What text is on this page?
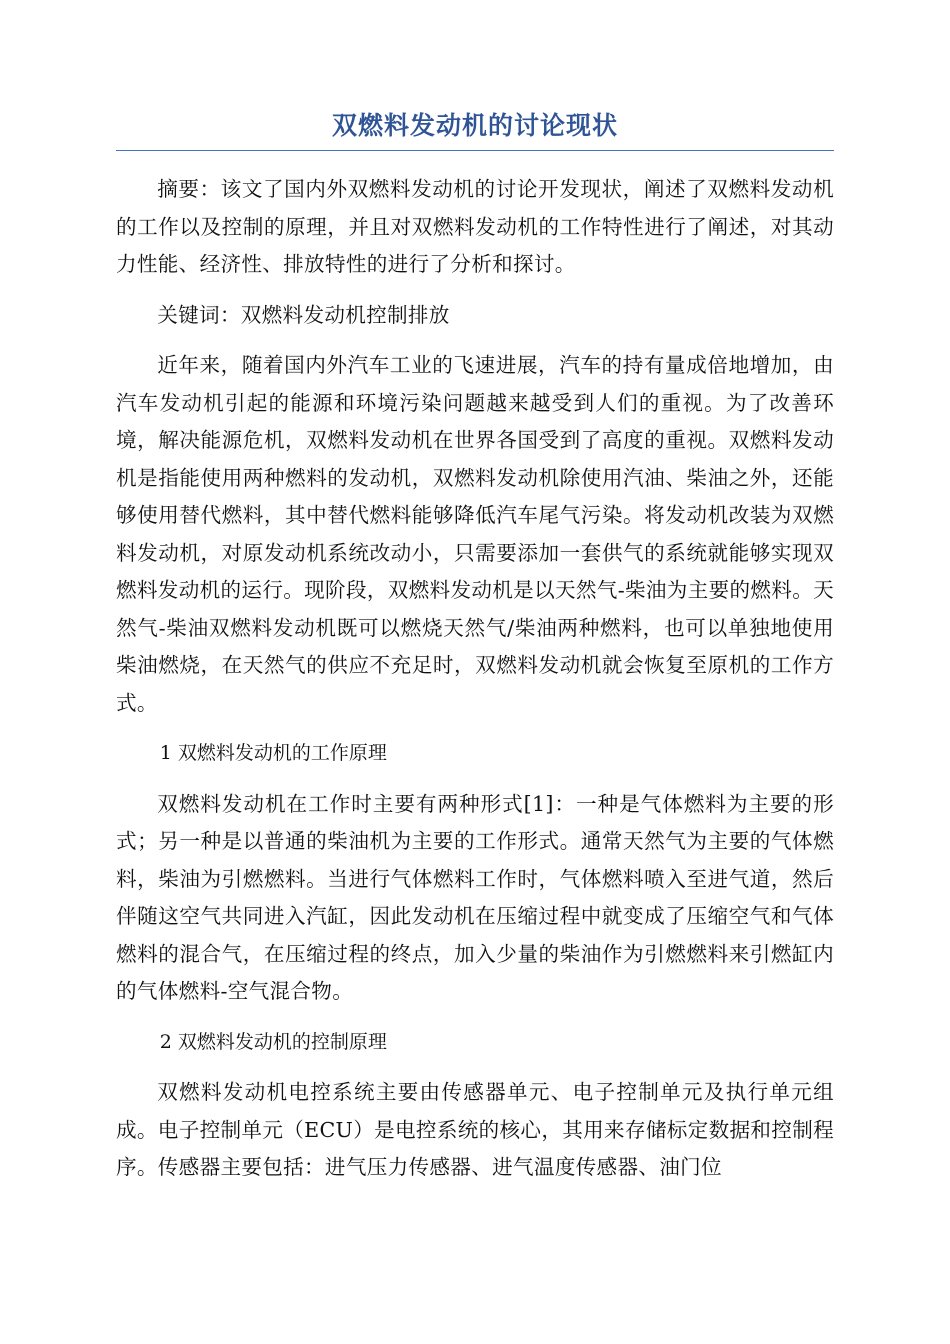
双燃料发动机的讨论现状

摘要：该文了国内外双燃料发动机的讨论开发现状，阐述了双燃料发动机的工作以及控制的原理，并且对双燃料发动机的工作特性进行了阐述，对其动力性能、经济性、排放特性的进行了分析和探讨。

关键词：双燃料发动机控制排放

近年来，随着国内外汽车工业的飞速进展，汽车的持有量成倍地增加，由汽车发动机引起的能源和环境污染问题越来越受到人们的重视。为了改善环境，解决能源危机，双燃料发动机在世界各国受到了高度的重视。双燃料发动机是指能使用两种燃料的发动机，双燃料发动机除使用汽油、柴油之外，还能够使用替代燃料，其中替代燃料能够降低汽车尾气污染。将发动机改装为双燃料发动机，对原发动机系统改动小，只需要添加一套供气的系统就能够实现双燃料发动机的运行。现阶段，双燃料发动机是以天然气-柴油为主要的燃料。天然气-柴油双燃料发动机既可以燃烧天然气/柴油两种燃料，也可以单独地使用柴油燃烧，在天然气的供应不充足时，双燃料发动机就会恢复至原机的工作方式。

1 双燃料发动机的工作原理

双燃料发动机在工作时主要有两种形式[1]：一种是气体燃料为主要的形式；另一种是以普通的柴油机为主要的工作形式。通常天然气为主要的气体燃料，柴油为引燃燃料。当进行气体燃料工作时，气体燃料喷入至进气道，然后伴随这空气共同进入汽缸，因此发动机在压缩过程中就变成了压缩空气和气体燃料的混合气，在压缩过程的终点，加入少量的柴油作为引燃燃料来引燃缸内的气体燃料-空气混合物。

2 双燃料发动机的控制原理

双燃料发动机电控系统主要由传感器单元、电子控制单元及执行单元组成。电子控制单元（ECU）是电控系统的核心，其用来存储标定数据和控制程序。传感器主要包括：进气压力传感器、进气温度传感器、油门位
